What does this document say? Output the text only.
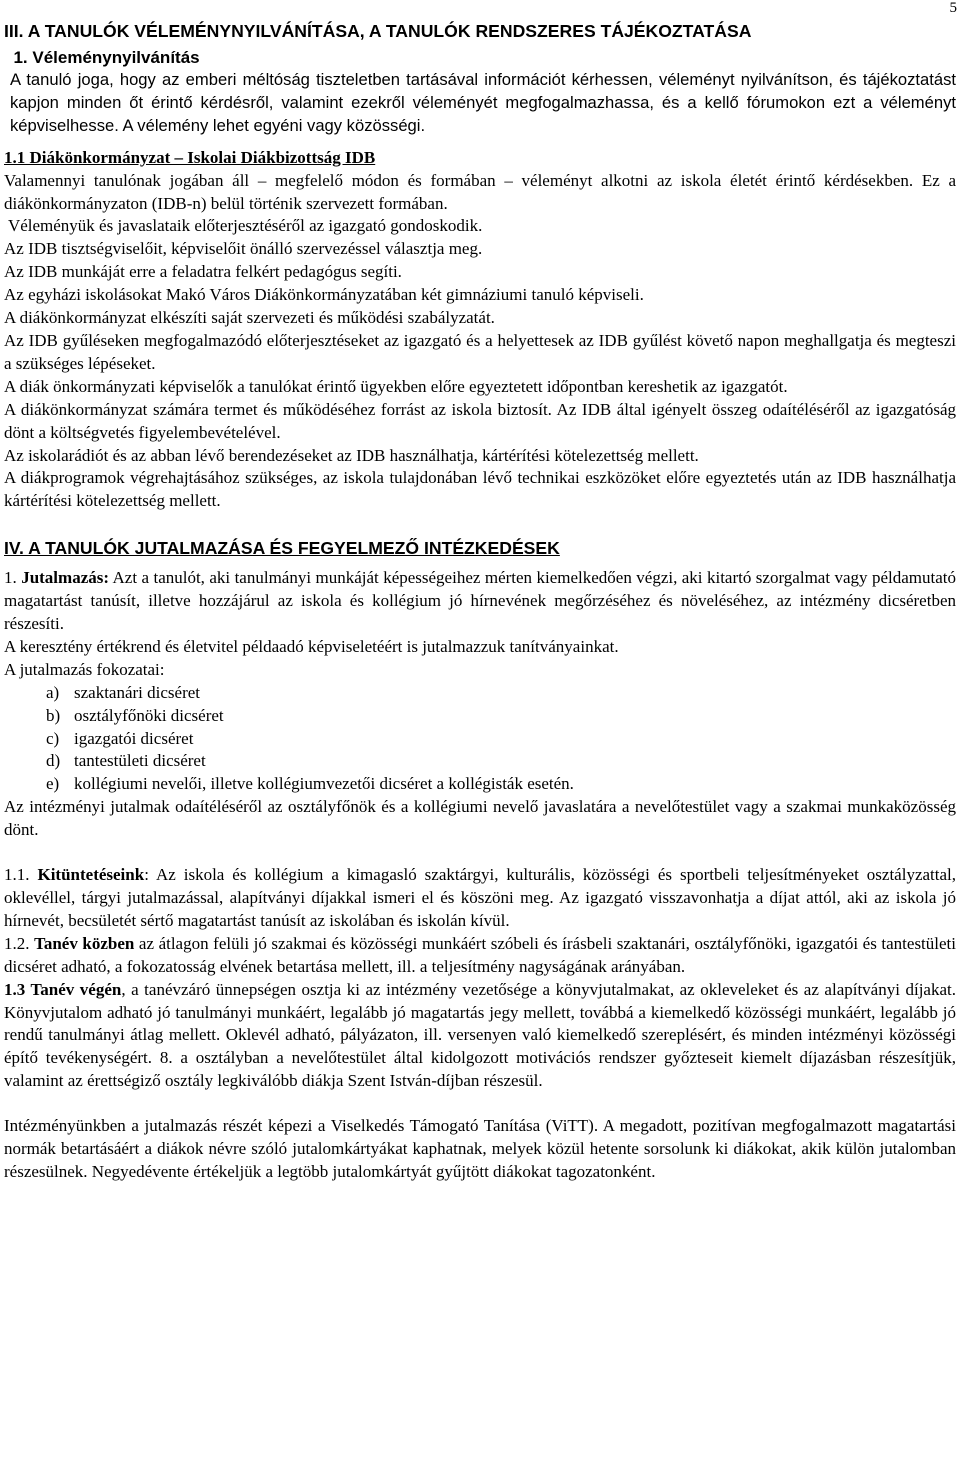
5
III. A TANULÓK VÉLEMÉNYNYILVÁNÍTÁSA, A TANULÓK RENDSZERES TÁJÉKOZTATÁSA
1. Véleménynyilvánítás

A tanuló joga, hogy az emberi méltóság tiszteletben tartásával információt kérhessen, véleményt nyilvánítson, és tájékoztatást kapjon minden őt érintő kérdésről, valamint ezekről véleményét megfogalmazhassa, és a kellő fórumokon ezt a véleményt képviselhesse. A vélemény lehet egyéni vagy közösségi.

1.1 Diákönkormányzat – Iskolai Diákbizottság IDB

Valamennyi tanulónak jogában áll – megfelelő módon és formában – véleményt alkotni az iskola életét érintő kérdésekben. Ez a diákönkormányzaton (IDB-n) belül történik szervezett formában.

Véleményük és javaslataik előterjesztéséről az igazgató gondoskodik.

Az IDB tisztségviselőit, képviselőit önálló szervezéssel választja meg.

Az IDB munkáját erre a feladatra felkért pedagógus segíti.

Az egyházi iskolásokat Makó Város Diákönkormányzatában két gimnáziumi tanuló képviseli.

A diákönkormányzat elkészíti saját szervezeti és működési szabályzatát.

Az IDB gyűléseken megfogalmazódó előterjesztéseket az igazgató és a helyettesek az IDB gyűlést követő napon meghallgatja és megteszi a szükséges lépéseket.

A diák önkormányzati képviselők a tanulókat érintő ügyekben előre egyeztetett időpontban kereshetik az igazgatót.

A diákönkormányzat számára termet és működéséhez forrást az iskola biztosít. Az IDB által igényelt összeg odaítéléséről az igazgatóság dönt a költségvetés figyelembevételével.

Az iskolarádiót és az abban lévő berendezéseket az IDB használhatja, kártérítési kötelezettség mellett.

A diákprogramok végrehajtásához szükséges, az iskola tulajdonában lévő technikai eszközöket előre egyeztetés után az IDB használhatja kártérítési kötelezettség mellett.

IV. A TANULÓK JUTALMAZÁSA ÉS FEGYELMEZŐ INTÉZKEDÉSEK

1. Jutalmazás: Azt a tanulót, aki tanulmányi munkáját képességeihez mérten kiemelkedően végzi, aki kitartó szorgalmat vagy példamutató magatartást tanúsít, illetve hozzájárul az iskola és kollégium jó hírnevének megőrzéséhez és növeléséhez, az intézmény dicséretben részesíti.

A keresztény értékrend és életvitel példaadó képviseletéért is jutalmazzuk tanítványainkat.

A jutalmazás fokozatai:

a) szaktanári dicséret
b) osztályfőnöki dicséret
c) igazgatói dicséret
d) tantestületi dicséret
e) kollégiumi nevelői, illetve kollégiumvezetői dicséret a kollégisták esetén.

Az intézményi jutalmak odaítéléséről az osztályfőnök és a kollégiumi nevelő javaslatára a nevelőtestület vagy a szakmai munkaközösség dönt.

1.1. Kitüntetéseink: Az iskola és kollégium a kimagasló szaktárgyi, kulturális, közösségi és sportbeli teljesítményeket osztályzattal, oklevéllel, tárgyi jutalmazással, alapítványi díjakkal ismeri el és köszöni meg. Az igazgató visszavonhatja a díjat attól, aki az iskola jó hírnevét, becsületét sértő magatartást tanúsít az iskolában és iskolán kívül.

1.2. Tanév közben az átlagon felüli jó szakmai és közösségi munkáért szóbeli és írásbeli szaktanári, osztályfőnöki, igazgatói és tantestületi dicséret adható, a fokozatosság elvének betartása mellett, ill. a teljesítmény nagyságának arányában.

1.3 Tanév végén, a tanévzáró ünnepségen osztja ki az intézmény vezetősége a könyvjutalmakat, az okleveleket és az alapítványi díjakat. Könyvjutalom adható jó tanulmányi munkáért, legalább jó magatartás jegy mellett, továbbá a kiemelkedő közösségi munkáért, legalább jó rendű tanulmányi átlag mellett. Oklevél adható, pályázaton, ill. versenyen való kiemelkedő szereplésért, és minden intézményi közösségi építő tevékenységért. 8. a osztályban a nevelőtestület által kidolgozott motivációs rendszer győzteseit kiemelt díjazásban részesítjük, valamint az érettségiző osztály legkiválóbb diákja Szent István-díjban részesül.

Intézményünkben a jutalmazás részét képezi a Viselkedés Támogató Tanítása (ViTT). A megadott, pozitívan megfogalmazott magatartási normák betartásáért a diákok névre szóló jutalomkártyákat kaphatnak, melyek közül hetente sorsolunk ki diákokat, akik külön jutalomban részesülnek. Negyedévente értékeljük a legtöbb jutalomkártyát gyűjtött diákokat tagozatonként.
